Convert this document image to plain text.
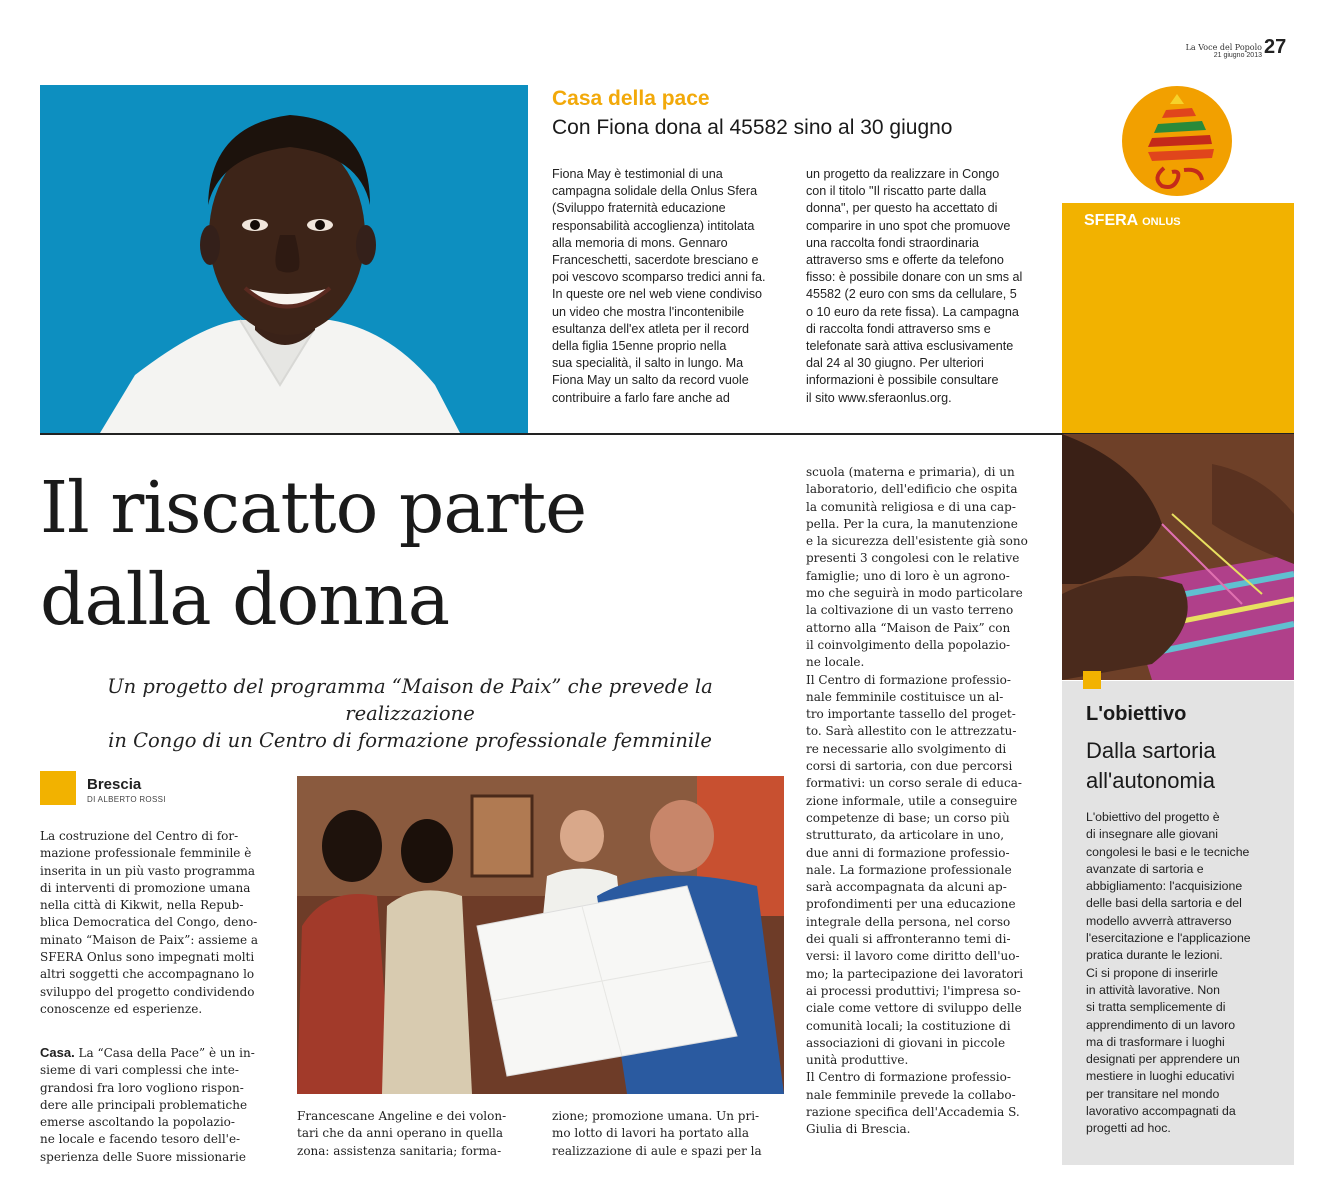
La Voce del Popolo
21 giugno 2013 27
Casa della pace
Con Fiona dona al 45582 sino al 30 giugno
Fiona May è testimonial di una
campagna solidale della Onlus Sfera
(Sviluppo fraternità educazione
responsabilità accoglienza) intitolata
alla memoria di mons. Gennaro
Franceschetti, sacerdote bresciano e
poi vescovo scomparso tredici anni fa.
In queste ore nel web viene condiviso
un video che mostra l'incontenibile
esultanza dell'ex atleta per il record
della figlia 15enne proprio nella
sua specialità, il salto in lungo. Ma
Fiona May un salto da record vuole
contribuire a farlo fare anche ad
un progetto da realizzare in Congo
con il titolo "Il riscatto parte dalla
donna", per questo ha accettato di
comparire in uno spot che promuove
una raccolta fondi straordinaria
attraverso sms e offerte da telefono
fisso: è possibile donare con un sms al
45582 (2 euro con sms da cellulare, 5
o 10 euro da rete fissa). La campagna
di raccolta fondi attraverso sms e
telefonate sarà attiva esclusivamente
dal 24 al 30 giugno. Per ulteriori
informazioni è possibile consultare
il sito www.sferaonlus.org.
SFERA ONLUS
Il riscatto parte
dalla donna
Un progetto del programma “Maison de Paix” che prevede la realizzazione
in Congo di un Centro di formazione professionale femminile
Brescia
DI ALBERTO ROSSI
La costruzione del Centro di for-
mazione professionale femminile è
inserita in un più vasto programma
di interventi di promozione umana
nella città di Kikwit, nella Repub-
blica Democratica del Congo, deno-
minato “Maison de Paix”: assieme a
SFERA Onlus sono impegnati molti
altri soggetti che accompagnano lo
sviluppo del progetto condividendo
conoscenze ed esperienze.
Casa. La “Casa della Pace” è un in-
sieme di vari complessi che inte-
grandosi fra loro vogliono rispon-
dere alle principali problematiche
emerse ascoltando la popolazio-
ne locale e facendo tesoro dell'e-
sperienza delle Suore missionarie
Francescane Angeline e dei volon-
tari che da anni operano in quella
zona: assistenza sanitaria; forma-
zione; promozione umana. Un pri-
mo lotto di lavori ha portato alla
realizzazione di aule e spazi per la
scuola (materna e primaria), di un
laboratorio, dell'edificio che ospita
la comunità religiosa e di una cap-
pella. Per la cura, la manutenzione
e la sicurezza dell'esistente già sono
presenti 3 congolesi con le relative
famiglie; uno di loro è un agrono-
mo che seguirà in modo particolare
la coltivazione di un vasto terreno
attorno alla “Maison de Paix” con
il coinvolgimento della popolazio-
ne locale.
Il Centro di formazione professio-
nale femminile costituisce un al-
tro importante tassello del proget-
to. Sarà allestito con le attrezzatu-
re necessarie allo svolgimento di
corsi di sartoria, con due percorsi
formativi: un corso serale di educa-
zione informale, utile a conseguire
competenze di base; un corso più
strutturato, da articolare in uno,
due anni di formazione professio-
nale. La formazione professionale
sarà accompagnata da alcuni ap-
profondimenti per una educazione
integrale della persona, nel corso
dei quali si affronteranno temi di-
versi: il lavoro come diritto dell'uo-
mo; la partecipazione dei lavoratori
ai processi produttivi; l'impresa so-
ciale come vettore di sviluppo delle
comunità locali; la costituzione di
associazioni di giovani in piccole
unità produttive.
Il Centro di formazione professio-
nale femminile prevede la collabo-
razione specifica dell'Accademia S.
Giulia di Brescia.
L'obiettivo
Dalla sartoria
all'autonomia
L'obiettivo del progetto è
di insegnare alle giovani
congolesi le basi e le tecniche
avanzate di sartoria e
abbigliamento: l'acquisizione
delle basi della sartoria e del
modello avverrà attraverso
l'esercitazione e l'applicazione
pratica durante le lezioni.
Ci si propone di inserirle
in attività lavorative. Non
si tratta semplicemente di
apprendimento di un lavoro
ma di trasformare i luoghi
designati per apprendere un
mestiere in luoghi educativi
per transitare nel mondo
lavorativo accompagnati da
progetti ad hoc.
